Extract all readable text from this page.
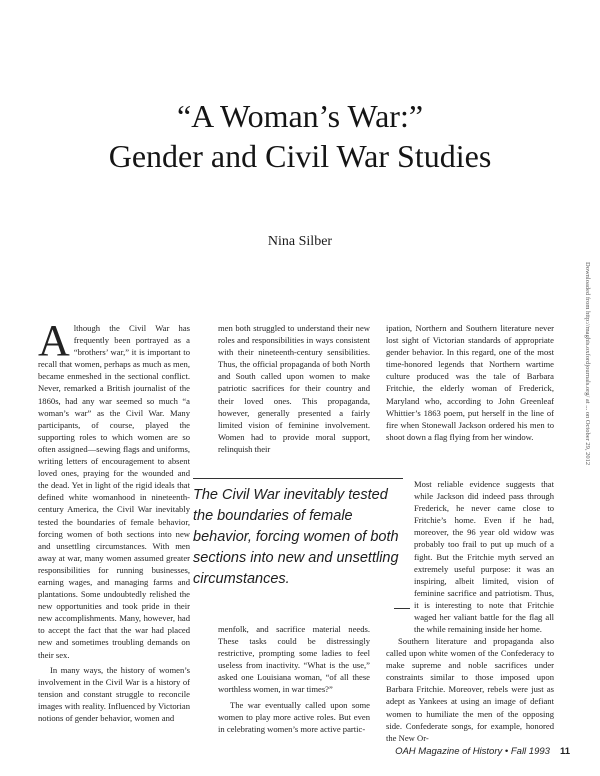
“A Woman’s War:”
Gender and Civil War Studies
Nina Silber
Downloaded from http://maghis.oxfordjournals.org/ at ... on October 29, 2012

Although the Civil War has frequently been portrayed as a “brothers’ war,” it is important to recall that women, perhaps as much as men, became enmeshed in the sectional conflict. Never, remarked a British journalist of the 1860s, had any war seemed so much “a woman’s war” as the Civil War. Many participants, of course, played the supporting roles to which women are so often assigned—sewing flags and uniforms, writing letters of encouragement to absent loved ones, praying for the wounded and the dead. Yet in light of the rigid ideals that defined white womanhood in nineteenth-century America, the Civil War inevitably tested the boundaries of female behavior, forcing women of both sections into new and unsettling circumstances. With men away at war, many women assumed greater responsibilities for running businesses, earning wages, and managing farms and plantations. Some undoubtedly relished the new opportunities and took pride in their new accomplishments. Many, however, had to accept the fact that the war had placed new and sometimes troubling demands on their sex.

In many ways, the history of women’s involvement in the Civil War is a history of tension and constant struggle to reconcile images with reality. Influenced by Victorian notions of gender behavior, women and

men both struggled to understand their new roles and responsibilities in ways consistent with their nineteenth-century sensibilities. Thus, the official propaganda of both North and South called upon women to make patriotic sacrifices for their country and their loved ones. This propaganda, however, generally presented a fairly limited vision of feminine involvement. Women had to provide moral support, relinquish their

The Civil War inevitably tested the boundaries of female behavior, forcing women of both sections into new and unsettling circumstances.

menfolk, and sacrifice material needs. These tasks could be distressingly restrictive, prompting some ladies to feel useless from inactivity. “What is the use,” asked one Louisiana woman, “of all these worthless women, in war times?”

The war eventually called upon some women to play more active roles. But even in celebrating women’s more active partic-

ipation, Northern and Southern literature never lost sight of Victorian standards of appropriate gender behavior. In this regard, one of the most time-honored legends that Northern wartime culture produced was the tale of Barbara Fritchie, the elderly woman of Frederick, Maryland who, according to John Greenleaf Whittier’s 1863 poem, put herself in the line of fire when Stonewall Jackson ordered his men to shoot down a flag flying from her window.

Most reliable evidence suggests that while Jackson did indeed pass through Frederick, he never came close to Fritchie’s home. Even if he had, moreover, the 96 year old widow was probably too frail to put up much of a fight. But the Fritchie myth served an extremely useful purpose: it was an inspiring, albeit limited, vision of feminine sacrifice and patriotism. Thus, it is interesting to note that Fritchie waged her valiant battle for the flag all the while remaining inside her home.

Southern literature and propaganda also called upon white women of the Confederacy to make supreme and noble sacrifices under constraints similar to those imposed upon Barbara Fritchie. Moreover, rebels were just as adept as Yankees at using an image of defiant women to humiliate the men of the opposing side. Confederate songs, for example, honored the New Or-

OAH Magazine of History • Fall 1993 11
